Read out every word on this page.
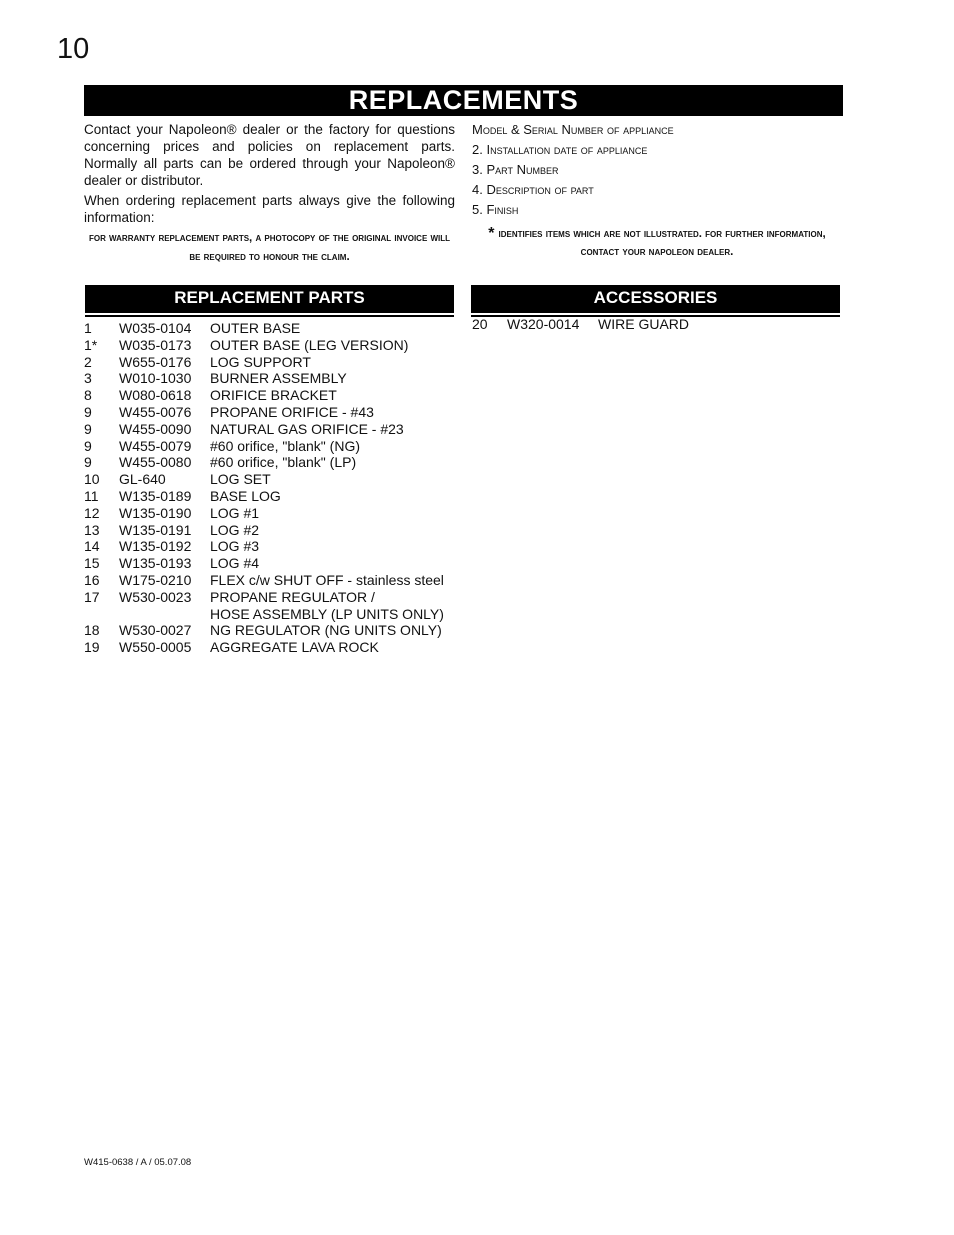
10
REPLACEMENTS

Contact your Napoleon® dealer or the factory for questions concerning prices and policies on replacement parts. Normally all parts can be ordered through your Napoleon® dealer or distributor.

When ordering replacement parts always give the following information:

for warranty replacement parts, a photocopy of the original invoice will be required to honour the claim.
Model & Serial Number of appliance
2. Installation date of appliance
3. Part Number
4. Description of part
5. Finish
* identifies items which are not illustrated. for further information, contact your napoleon dealer.
REPLACEMENT PARTS	ACCESSORIES
1	W035-0104	OUTER BASE
1*	W035-0173	OUTER BASE (LEG VERSION)
2	W655-0176	LOG SUPPORT
3	W010-1030	BURNER ASSEMBLY
8	W080-0618	ORIFICE BRACKET
9	W455-0076	PROPANE ORIFICE - #43
9	W455-0090	NATURAL GAS ORIFICE - #23
9	W455-0079	#60 orifice, "blank" (NG)
9	W455-0080	#60 orifice, "blank" (LP)
10	GL-640	LOG SET
11	W135-0189	BASE LOG
12	W135-0190	LOG #1
13	W135-0191	LOG #2
14	W135-0192	LOG #3
15	W135-0193	LOG #4
16	W175-0210	FLEX c/w SHUT OFF - stainless steel
17	W530-0023	PROPANE REGULATOR /
HOSE ASSEMBLY (LP UNITS ONLY)
18	W530-0027	NG REGULATOR (NG UNITS ONLY)
19	W550-0005	AGGREGATE LAVA ROCK
20	W320-0014	WIRE GUARD
W415-0638 / A / 05.07.08
